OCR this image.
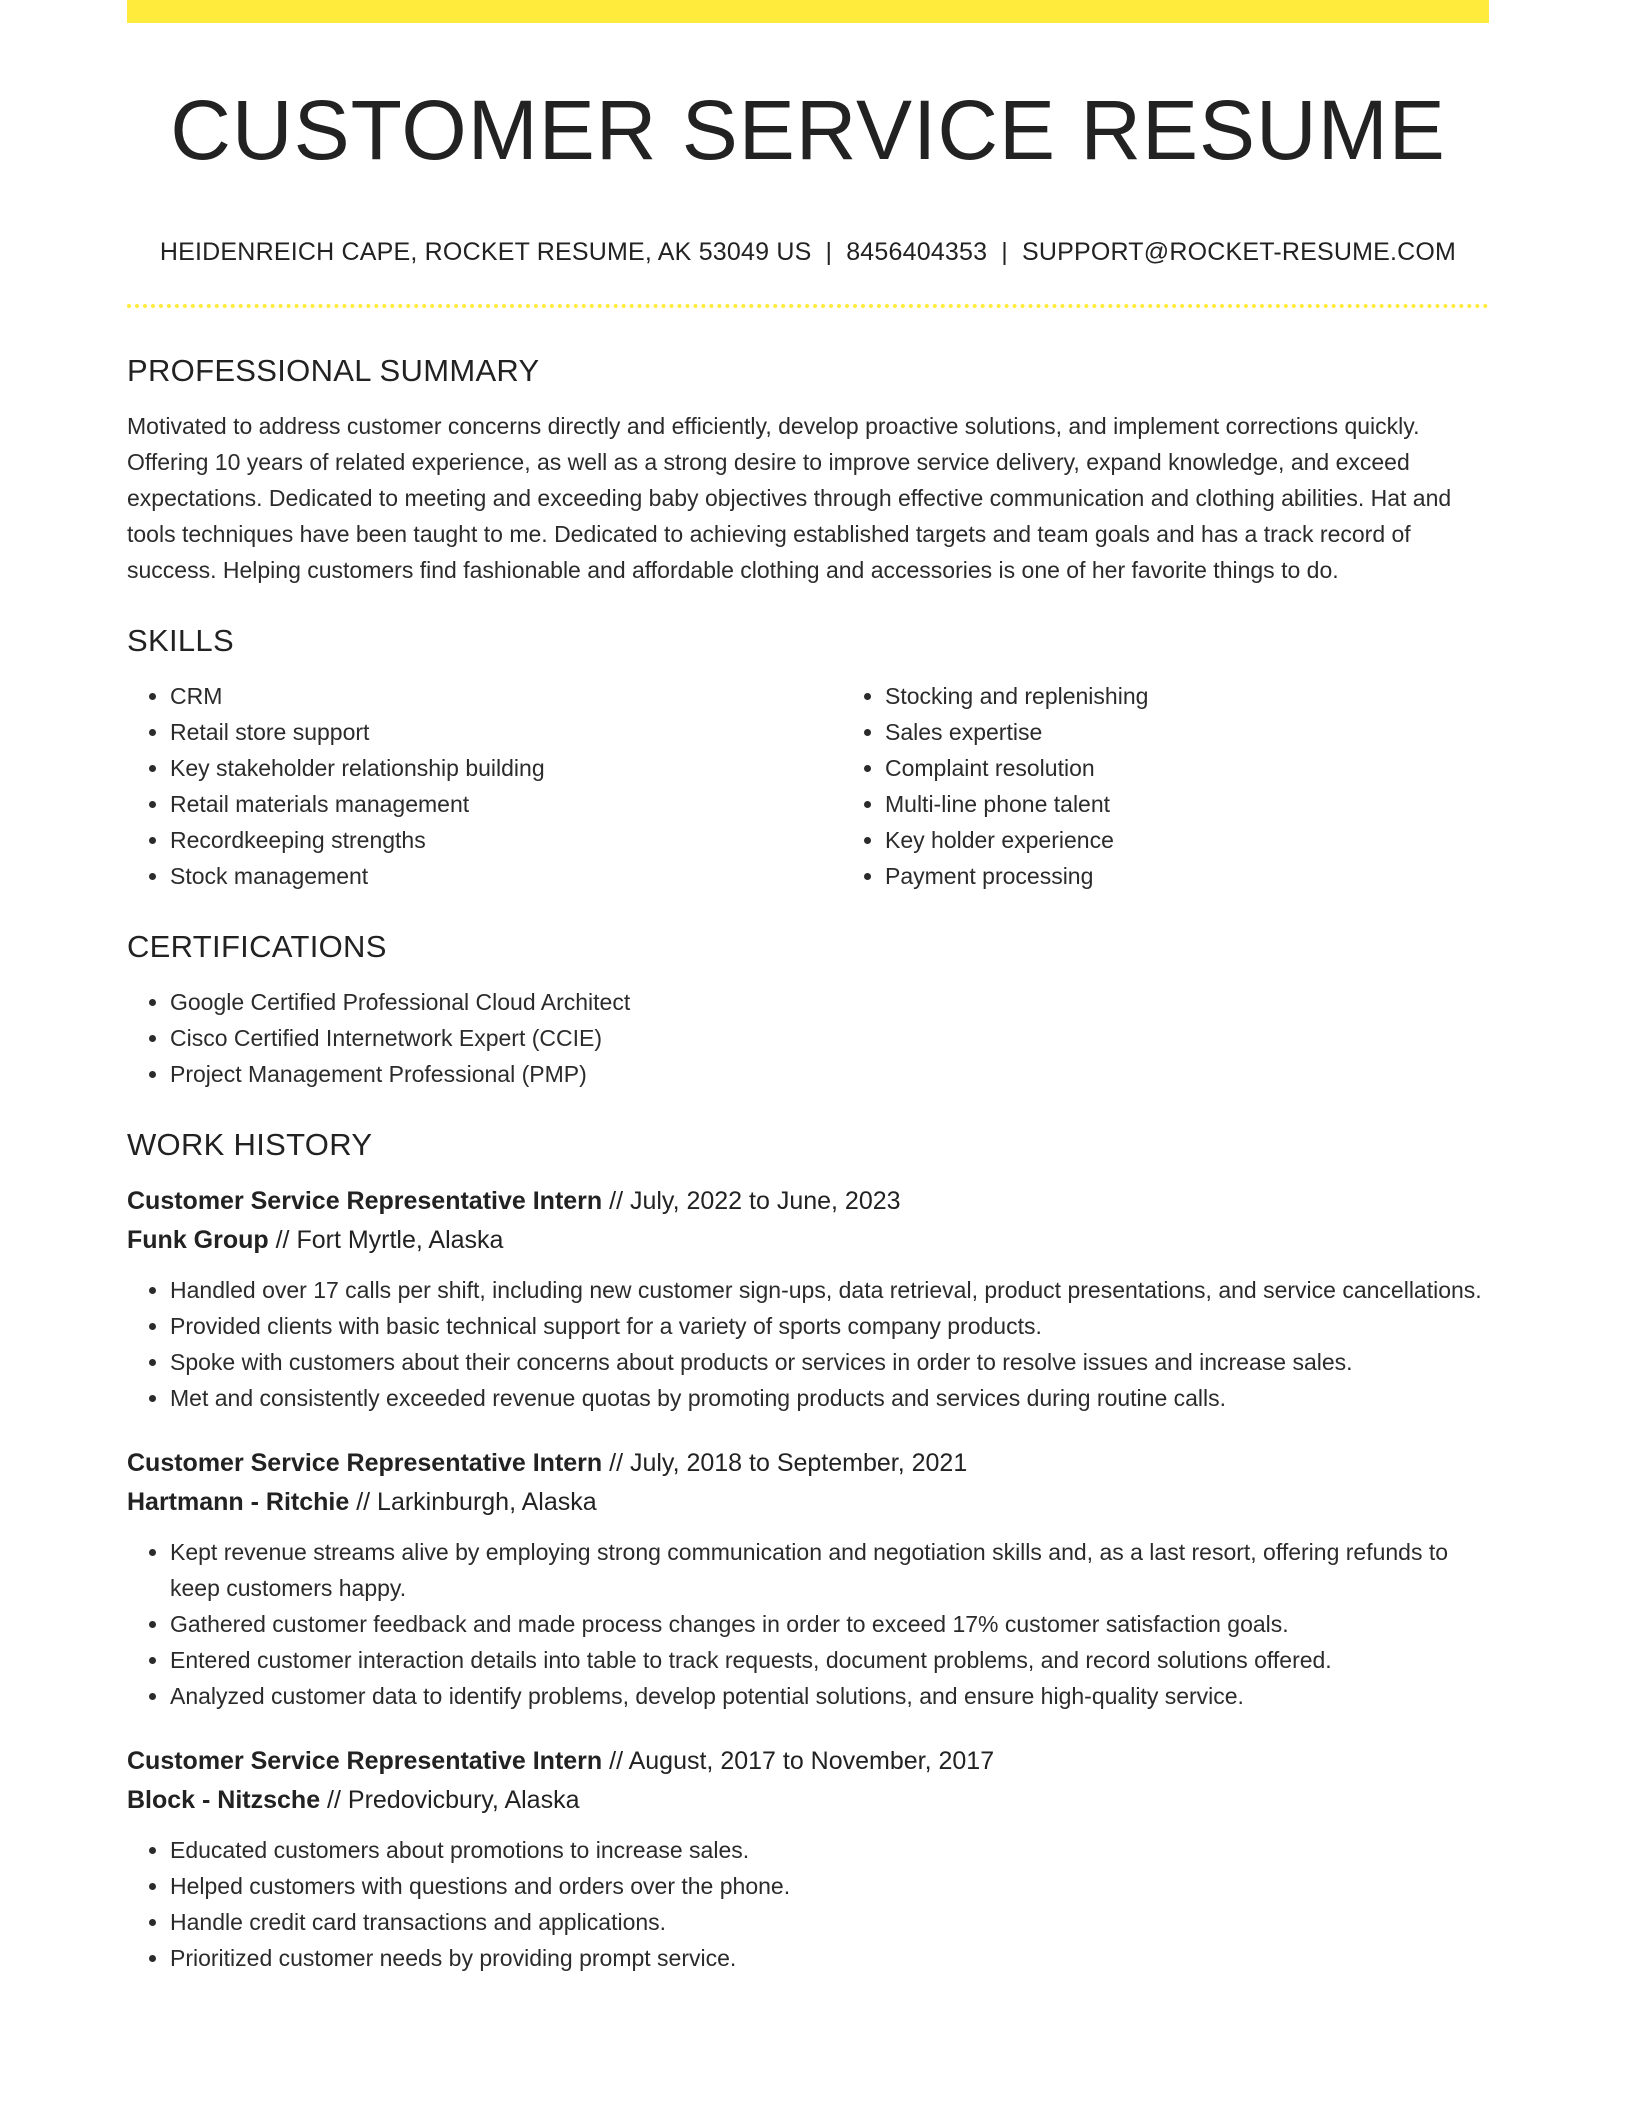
CUSTOMER SERVICE RESUME
HEIDENREICH CAPE, ROCKET RESUME, AK 53049 US | 8456404353 | SUPPORT@ROCKET-RESUME.COM
PROFESSIONAL SUMMARY

Motivated to address customer concerns directly and efficiently, develop proactive solutions, and implement corrections quickly. Offering 10 years of related experience, as well as a strong desire to improve service delivery, expand knowledge, and exceed expectations. Dedicated to meeting and exceeding baby objectives through effective communication and clothing abilities. Hat and tools techniques have been taught to me. Dedicated to achieving established targets and team goals and has a track record of success. Helping customers find fashionable and affordable clothing and accessories is one of her favorite things to do.

SKILLS
• CRM
• Retail store support
• Key stakeholder relationship building
• Retail materials management
• Recordkeeping strengths
• Stock management
• Stocking and replenishing
• Sales expertise
• Complaint resolution
• Multi-line phone talent
• Key holder experience
• Payment processing
CERTIFICATIONS
• Google Certified Professional Cloud Architect
• Cisco Certified Internetwork Expert (CCIE)
• Project Management Professional (PMP)
WORK HISTORY
Customer Service Representative Intern // July, 2022 to June, 2023
Funk Group // Fort Myrtle, Alaska
• Handled over 17 calls per shift, including new customer sign-ups, data retrieval, product presentations, and service cancellations.
• Provided clients with basic technical support for a variety of sports company products.
• Spoke with customers about their concerns about products or services in order to resolve issues and increase sales.
• Met and consistently exceeded revenue quotas by promoting products and services during routine calls.
Customer Service Representative Intern // July, 2018 to September, 2021
Hartmann - Ritchie // Larkinburgh, Alaska
• Kept revenue streams alive by employing strong communication and negotiation skills and, as a last resort, offering refunds to keep customers happy.
• Gathered customer feedback and made process changes in order to exceed 17% customer satisfaction goals.
• Entered customer interaction details into table to track requests, document problems, and record solutions offered.
• Analyzed customer data to identify problems, develop potential solutions, and ensure high-quality service.
Customer Service Representative Intern // August, 2017 to November, 2017
Block - Nitzsche // Predovicbury, Alaska
• Educated customers about promotions to increase sales.
• Helped customers with questions and orders over the phone.
• Handle credit card transactions and applications.
• Prioritized customer needs by providing prompt service.
